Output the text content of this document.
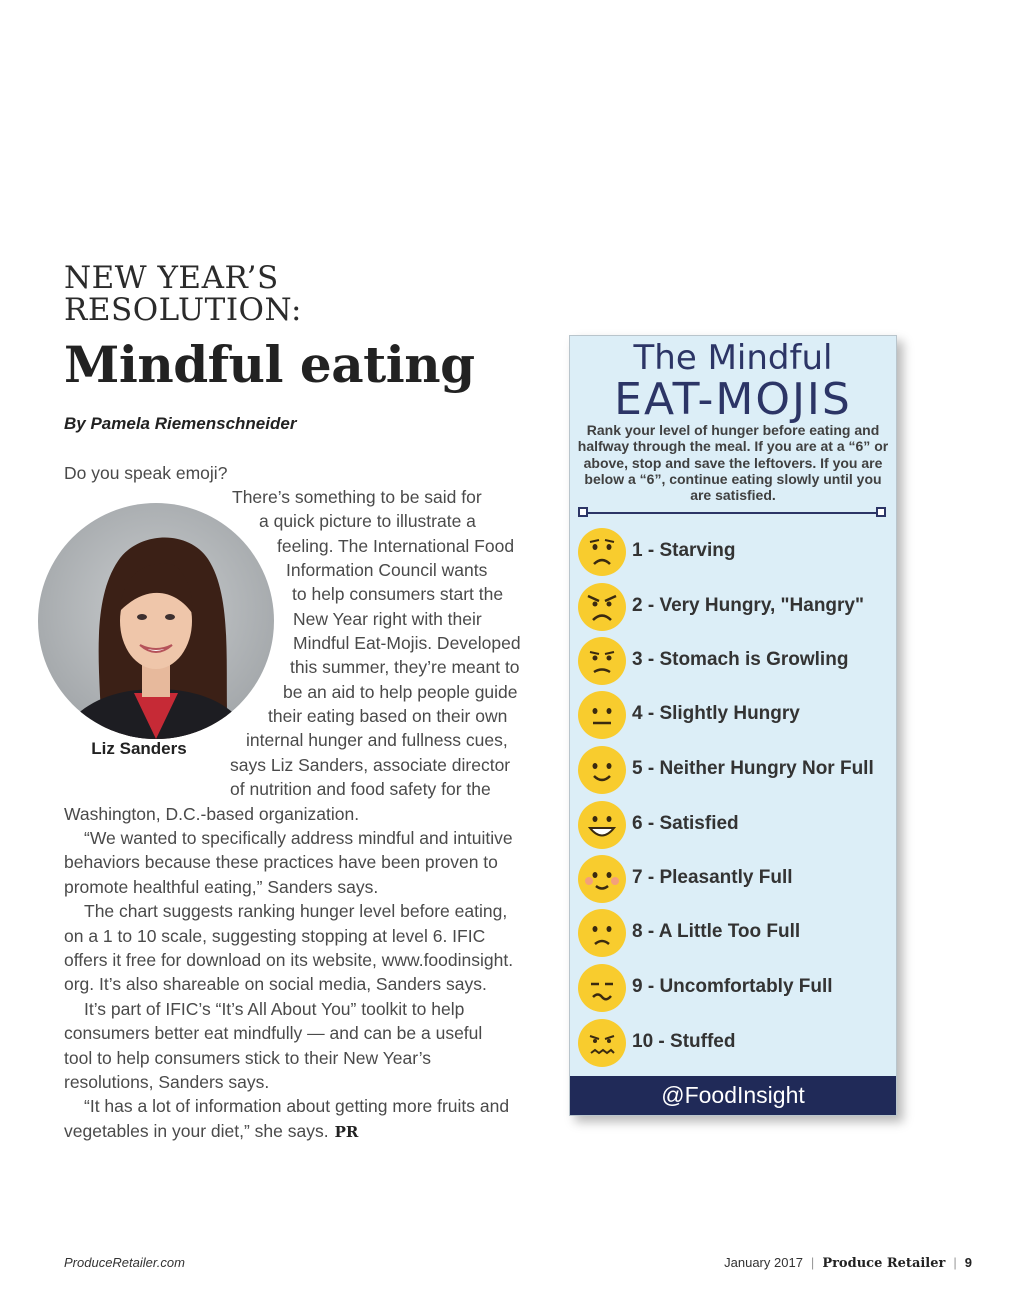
NEW YEAR’S
RESOLUTION:
Mindful eating
By Pamela Riemenschneider
Do you speak emoji?
There’s something to be said for
a quick picture to illustrate a
feeling. The International Food
Information Council wants
to help consumers start the
New Year right with their
Mindful Eat-Mojis. Developed
this summer, they’re meant to
be an aid to help people guide
their eating based on their own
internal hunger and fullness cues,
says Liz Sanders, associate director
of nutrition and food safety for the
Washington, D.C.-based organization.
“We wanted to specifically address mindful and intuitive
behaviors because these practices have been proven to
promote healthful eating,” Sanders says.
The chart suggests ranking hunger level before eating,
on a 1 to 10 scale, suggesting stopping at level 6. IFIC
offers it free for download on its website, www.foodinsight.
org. It’s also shareable on social media, Sanders says.
It’s part of IFIC’s “It’s All About You” toolkit to help
consumers better eat mindfully — and can be a useful
tool to help consumers stick to their New Year’s
resolutions, Sanders says.
“It has a lot of information about getting more fruits and
vegetables in your diet,” she says. PR
Liz Sanders
The Mindful
EAT-MOJIS
Rank your level of hunger before eating and halfway through the meal. If you are at a “6” or above, stop and save the leftovers. If you are below a “6”, continue eating slowly until you are satisfied.
1 - Starving
2 - Very Hungry, "Hangry"
3 - Stomach is Growling
4 - Slightly Hungry
5 - Neither Hungry Nor Full
6 - Satisfied
7 - Pleasantly Full
8 - A Little Too Full
9 - Uncomfortably Full
10 - Stuffed
@FoodInsight
ProduceRetailer.com	January 2017 | Produce Retailer | 9
